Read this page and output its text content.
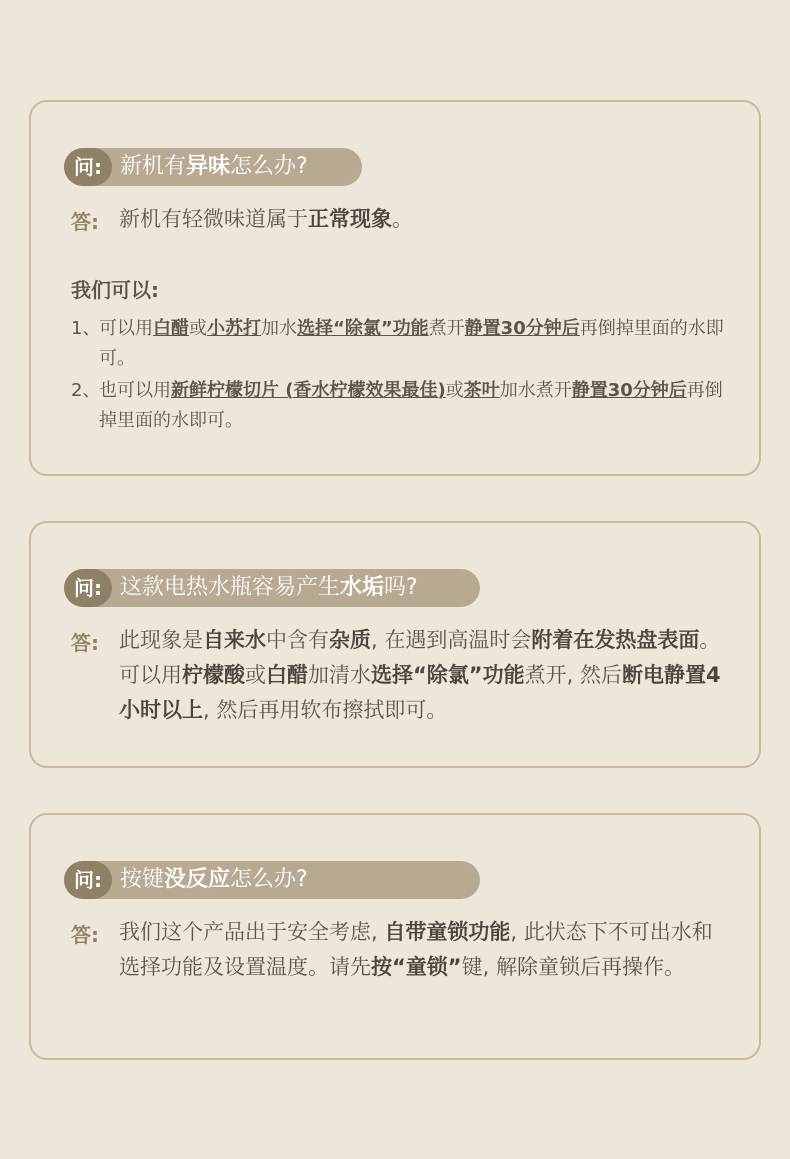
问: 新机有异味怎么办?
答: 新机有轻微味道属于正常现象。
我们可以:
1、
可以用白醋或小苏打加水选择“除氯”功能煮开静置30分钟后再倒掉里面的水即可。
2、
也可以用新鲜柠檬切片 (香水柠檬效果最佳)或茶叶加水煮开静置30分钟后再倒掉里面的水即可。
问: 这款电热水瓶容易产生水垢吗?
答: 此现象是自来水中含有杂质, 在遇到高温时会附着在发热盘表面。可以用柠檬酸或白醋加清水选择“除氯”功能煮开, 然后断电静置4小时以上, 然后再用软布擦拭即可。
问: 按键没反应怎么办?
答: 我们这个产品出于安全考虑, 自带童锁功能, 此状态下不可出水和选择功能及设置温度。请先按“童锁”键, 解除童锁后再操作。
